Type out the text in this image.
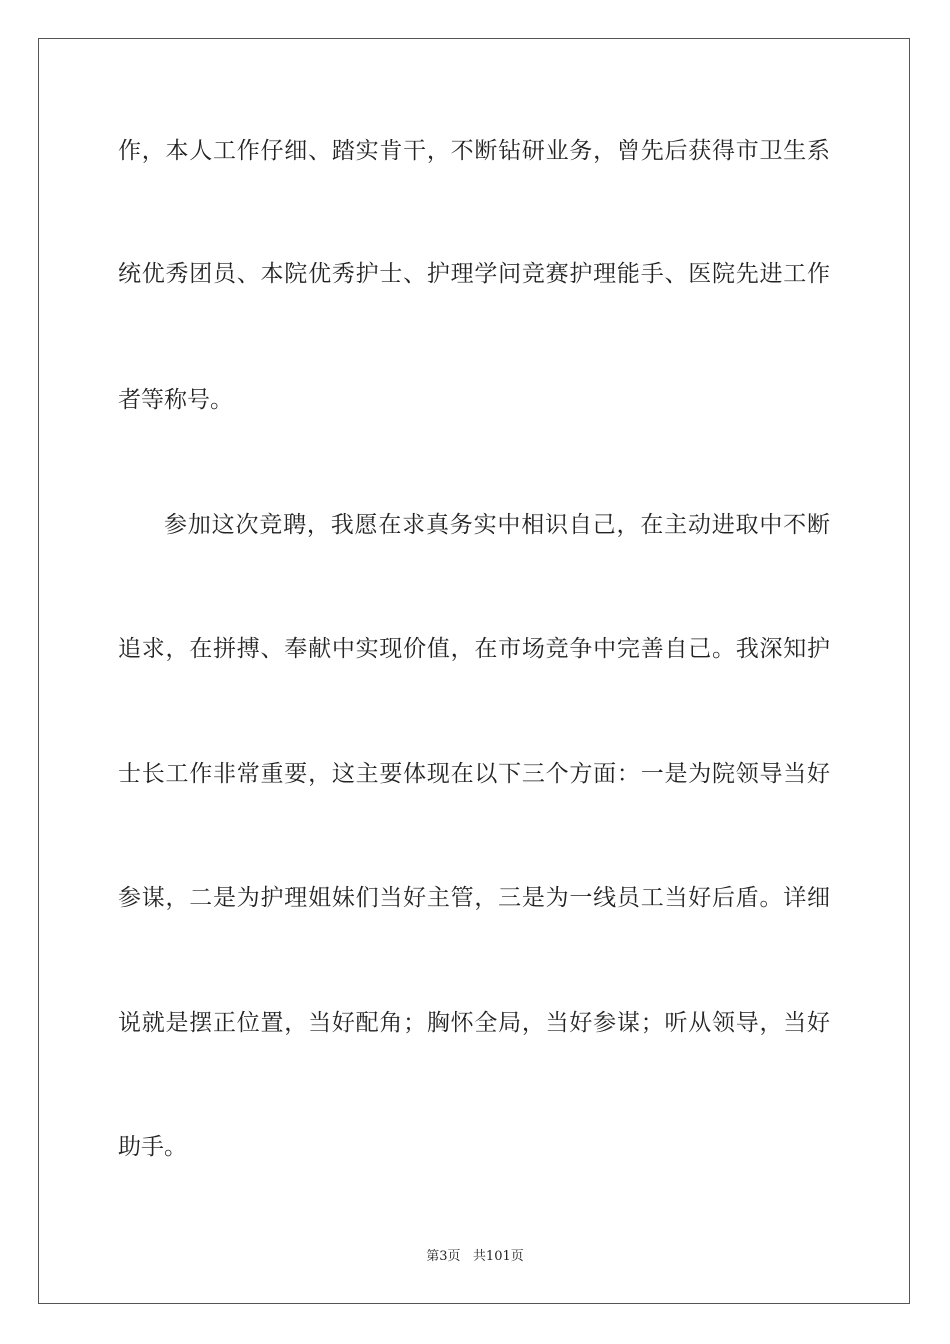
作，本人工作仔细、踏实肯干，不断钻研业务，曾先后获得市卫生系
统优秀团员、本院优秀护士、护理学问竞赛护理能手、医院先进工作
者等称号。
参加这次竞聘，我愿在求真务实中相识自己，在主动进取中不断
追求，在拼搏、奉献中实现价值，在市场竞争中完善自己。我深知护
士长工作非常重要，这主要体现在以下三个方面：一是为院领导当好
参谋，二是为护理姐妹们当好主管，三是为一线员工当好后盾。详细
说就是摆正位置，当好配角；胸怀全局，当好参谋；听从领导，当好
助手。
第3页 共101页
